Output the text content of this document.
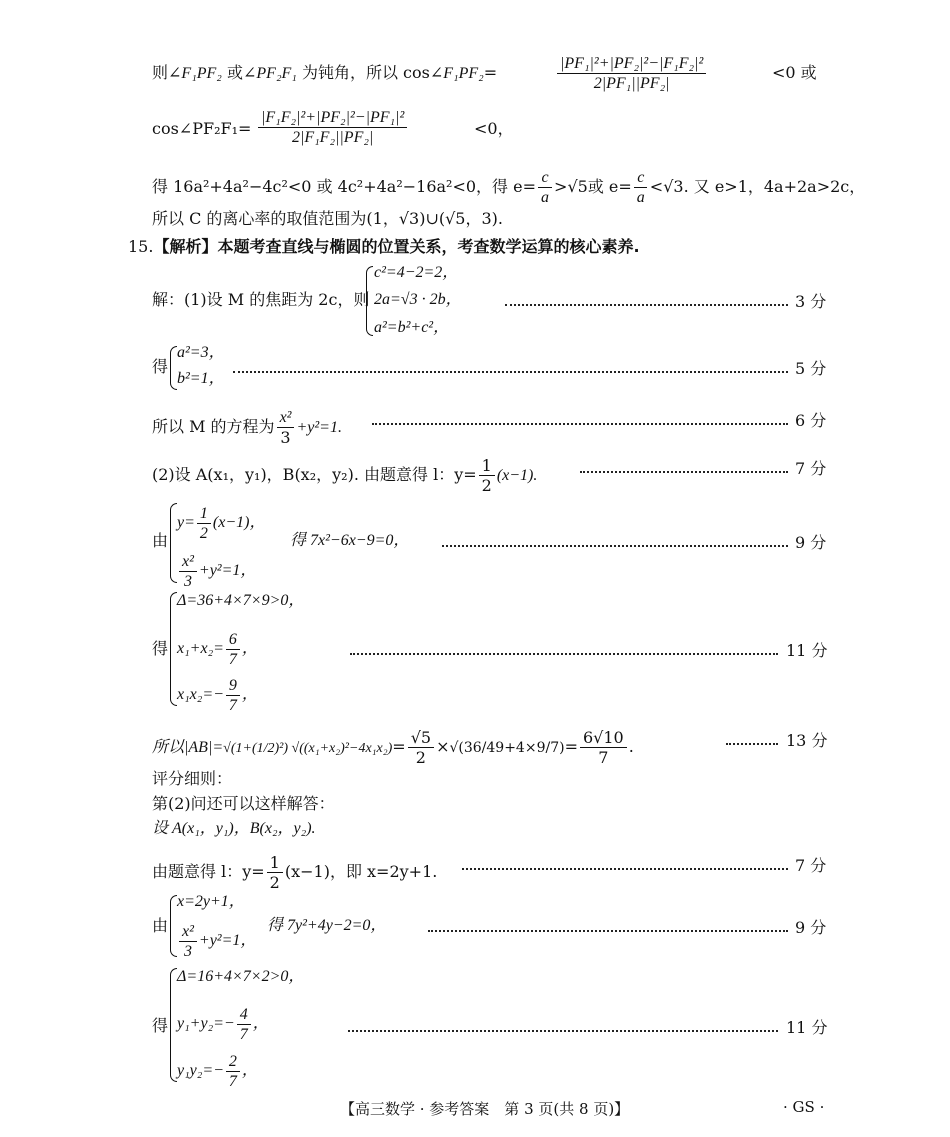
则∠F₁PF₂ 或∠PF₂F₁ 为钝角，所以 cos∠F₁PF₂=	$\frac{\text{|PF₁|²+|PF₂|²−|F₁F₂|²}}{\text{2|PF₁||PF₂|}}$	<0 或
cos∠PF₂F₁= $\frac{\text{|F₁F₂|²+|PF₂|²−|PF₁|²}}{\text{2|F₁F₂||PF₂|}}$	<0，
得 16a²+4a²−4c²<0 或 4c²+4a²−16a²<0，得 $e= \frac{c}{a} >√5$或 $e= \frac{c}{a} <√3$. 又 e>1，4a+2a>2c，
所以 C 的离心率的取值范围为(1，√3)∪(√5，3).
15.【解析】本题考查直线与椭圆的位置关系，考查数学运算的核心素养.
解：(1)设 M 的焦距为 2c，则
c²=4−2=2，
2a=√3 · 2b，
a²=b²+c²，
3 分
得
a²=3，
b²=1，
5 分
所以 M 的方程为 $\frac{\text{x²}}{3} +y^2=1$.	6 分
(2)设 A(x₁，y₁)，B(x₂，y₂). 由题意得 l：$y= \frac{1}{2} (x-1)$.	7 分
由
$y= \frac{1}{2} (x-1)$，
$\frac{\text{x²}}{3} +y^2=1$，
得 7x²−6x−9=0，	9 分
得
Δ=36+4×7×9>0，
$x_1+x_2= \frac{6}{7}$ ，
$x_1x_2=- \frac{9}{7}$ ，
11 分
所以|AB|=√(1+(1/2)²) $√((x_1+x_2)^2-4x_1x_2)= \frac{√5}{2} \times√(36/49+4\times 9/7)= \frac{6√10}{7}$ .	13 分
评分细则：
第(2)问还可以这样解答：
设 A(x₁，y₁)，B(x₂，y₂).
由题意得 l：$y= \frac{1}{2} (x-1)$，即 x=2y+1.	7 分
由
x=2y+1，
$\frac{\text{x²}}{3} +y^2=1$，
得 7y²+4y−2=0，	9 分
得
Δ=16+4×7×2>0，
$y_1+y_2=- \frac{4}{7}$ ，
$y_1y_2=- \frac{2}{7}$ ，
11 分
【高三数学 · 参考答案　第 3 页(共 8 页)】	· GS ·
